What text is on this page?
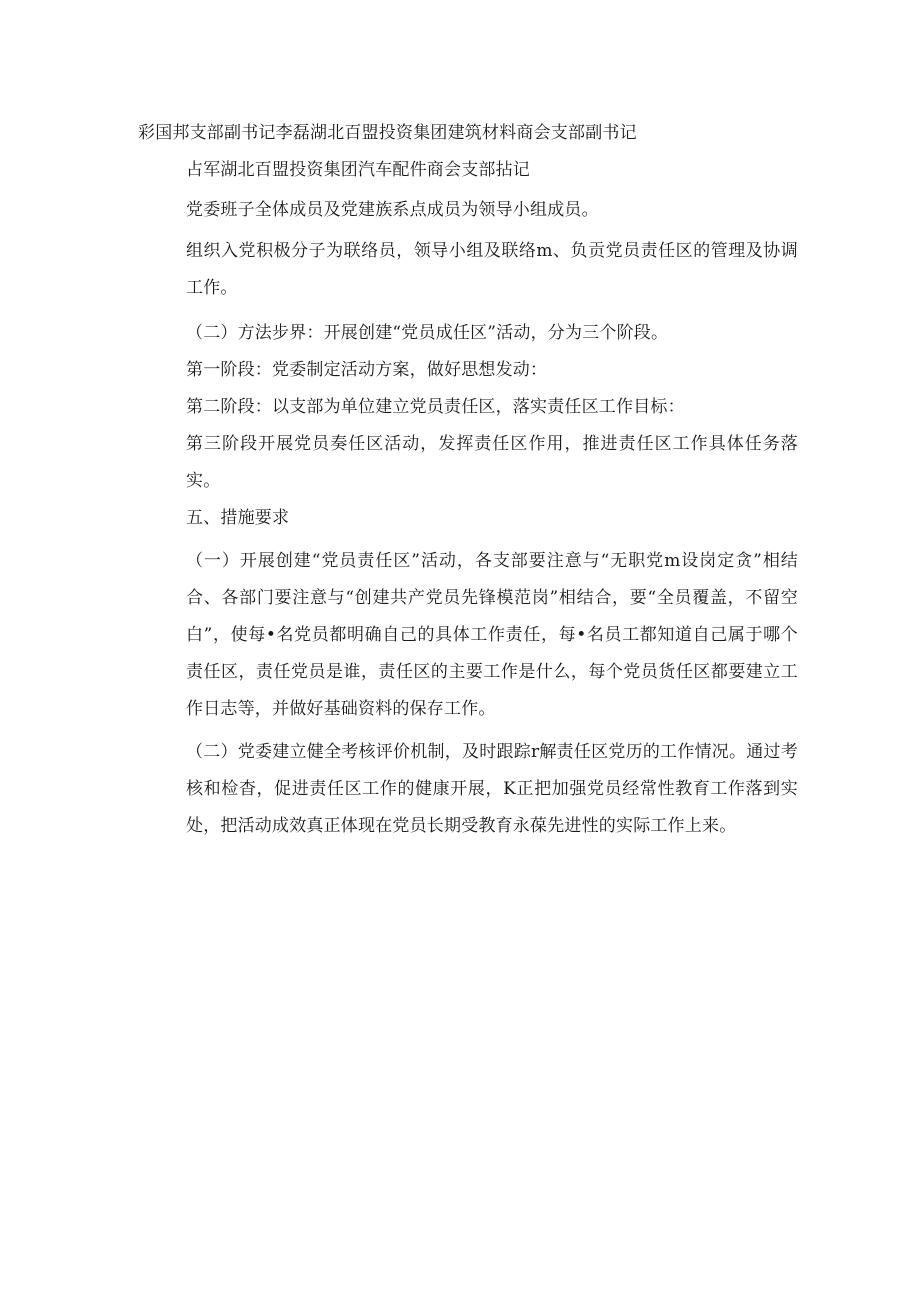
彩国邦支部副书记李磊湖北百盟投资集团建筑材料商会支部副书记
占军湖北百盟投资集团汽车配件商会支部拈记

党委班子全体成员及党建族系点成员为领导小组成员。

组织入党积极分子为联络员，领导小组及联络m、负贡党员责任区的管理及协调工作。

（二）方法步界：开展创建“党员成任区”活动，分为三个阶段。

第一阶段：党委制定活动方案，做好思想发动：

第二阶段：以支部为单位建立党员责任区，落实责任区工作目标：

第三阶段开展党员奏任区活动，发挥责任区作用，推进责任区工作具体任务落实。

五、措施要求

（一）开展创建“党员责任区”活动，各支部要注意与“无职党m设岗定贪”相结合、各部门要注意与“创建共产党员先锋模范岗”相结合，要“全员覆盖，不留空白”，使每•名党员都明确自己的具体工作责任，每•名员工都知道自己属于哪个责任区，责任党员是谁，责任区的主要工作是什么，每个党员货任区都要建立工作日志等，并做好基础资料的保存工作。

（二）党委建立健全考核评价机制，及时跟踪r解责任区党历的工作情况。通过考核和检杳，促进责任区工作的健康开展，K正把加强党员经常性教育工作落到实处，把活动成效真正体现在党员长期受教育永葆先进性的实际工作上来。
